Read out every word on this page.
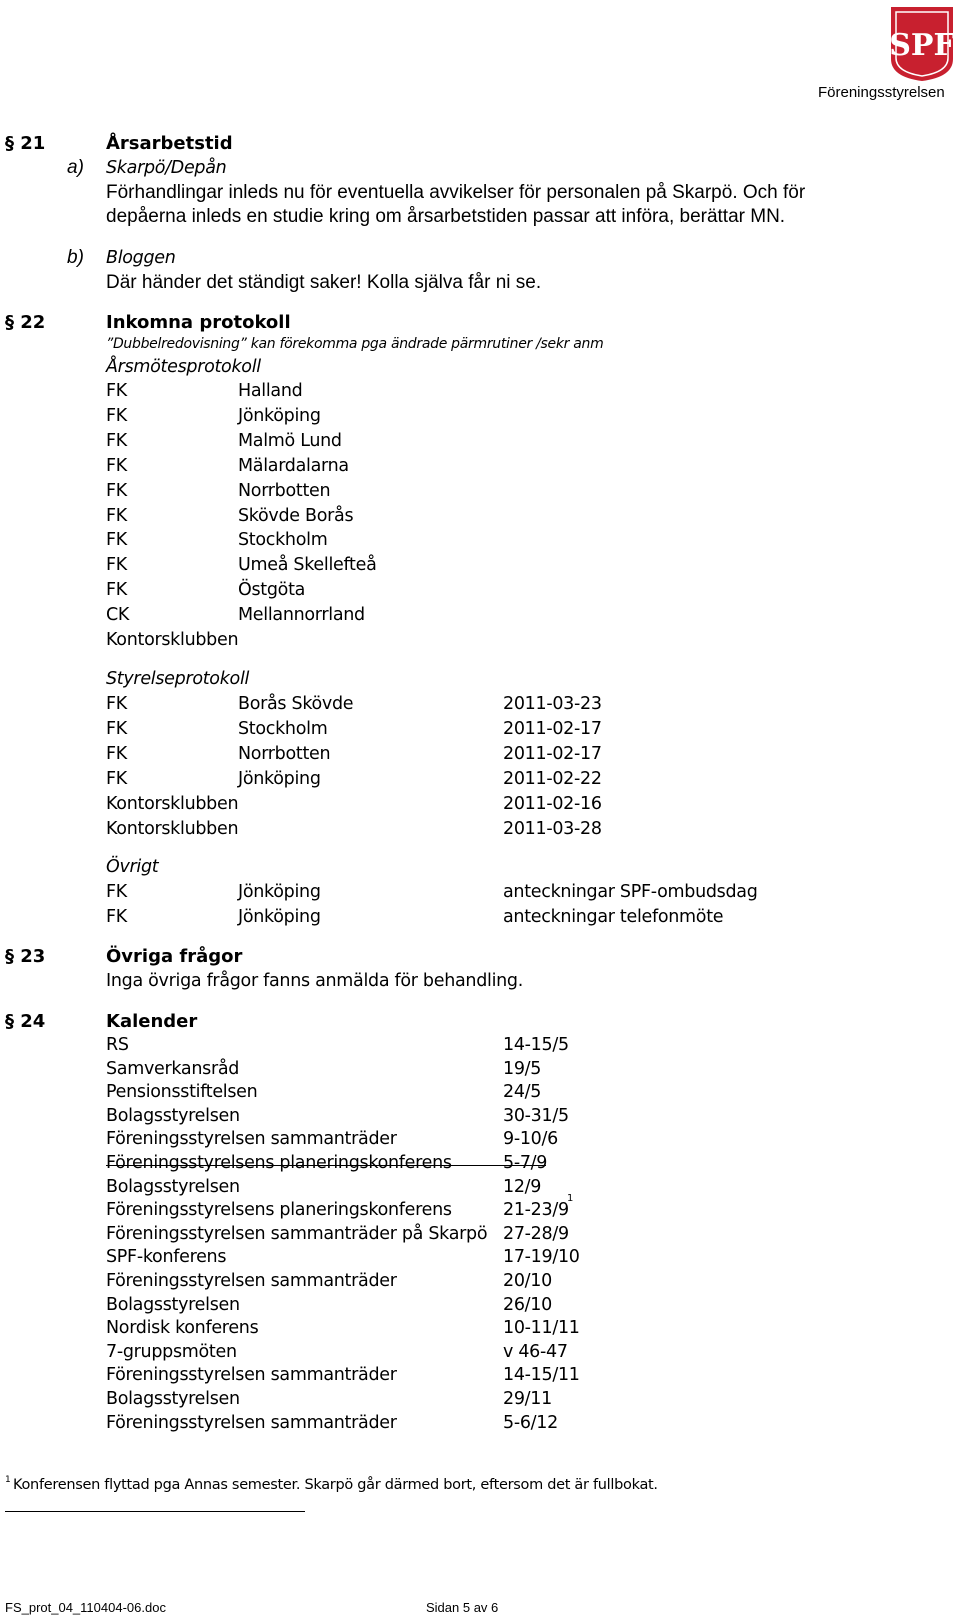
SPF
Föreningsstyrelsen
§ 21	Årsarbetstid
a) Skarpö/Depån
Förhandlingar inleds nu för eventuella avvikelser för personalen på Skarpö. Och för
depåerna inleds en studie kring om årsarbetstiden passar att införa, berättar MN.
b) Bloggen
Där händer det ständigt saker! Kolla själva får ni se.
§ 22	Inkomna protokoll
”Dubbelredovisning” kan förekomma pga ändrade pärmrutiner /sekr anm
Årsmötesprotokoll
FK	Halland
FK	Jönköping
FK	Malmö Lund
FK	Mälardalarna
FK	Norrbotten
FK	Skövde Borås
FK	Stockholm
FK	Umeå Skellefteå
FK	Östgöta
CK	Mellannorrland
Kontorsklubben
Styrelseprotokoll
FK	Borås Skövde	2011-03-23
FK	Stockholm	2011-02-17
FK	Norrbotten	2011-02-17
FK	Jönköping	2011-02-22
Kontorsklubben	2011-02-16
Kontorsklubben	2011-03-28
Övrigt
FK	Jönköping	anteckningar SPF-ombudsdag
FK	Jönköping	anteckningar telefonmöte
§ 23	Övriga frågor
Inga övriga frågor fanns anmälda för behandling.
§ 24	Kalender
RS	14-15/5
Samverkansråd	19/5
Pensionsstiftelsen	24/5
Bolagsstyrelsen	30-31/5
Föreningsstyrelsen sammanträder	9-10/6
Föreningsstyrelsens planeringskonferens	5-7/9
Bolagsstyrelsen	12/9
Föreningsstyrelsens planeringskonferens	21-23/9
1
Föreningsstyrelsen sammanträder på Skarpö 27-28/9
SPF-konferens	17-19/10
Föreningsstyrelsen sammanträder	20/10
Bolagsstyrelsen	26/10
Nordisk konferens	10-11/11
7-gruppsmöten	v 46-47
Föreningsstyrelsen sammanträder	14-15/11
Bolagsstyrelsen	29/11
Föreningsstyrelsen sammanträder	5-6/12
1 Konferensen flyttad pga Annas semester. Skarpö går därmed bort, eftersom det är fullbokat.
FS_prot_04_110404-06.doc	Sidan 5 av 6
